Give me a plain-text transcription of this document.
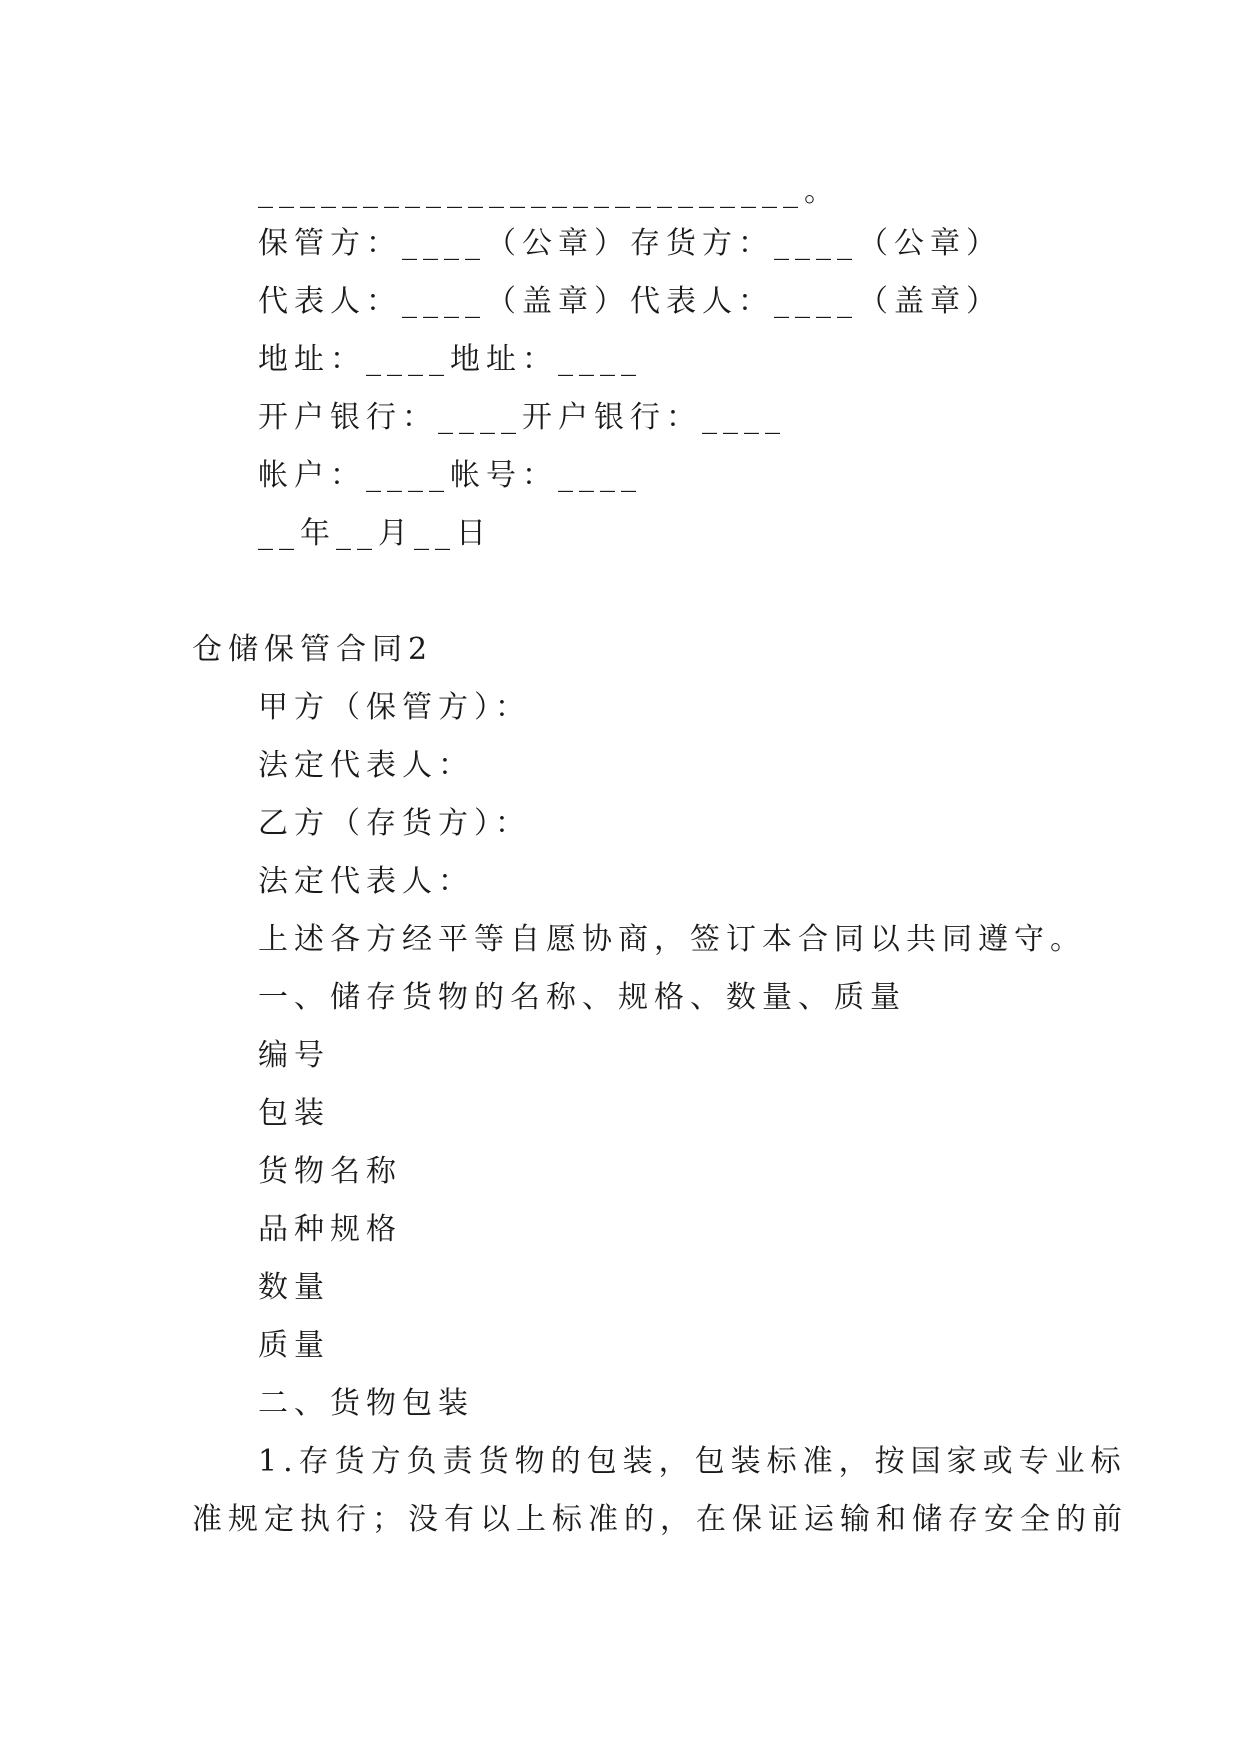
__________________________。
保管方：____（公章）存货方：____（公章）
代表人：____（盖章）代表人：____（盖章）
地址：____地址：____
开户银行：____开户银行：____
帐户：____帐号：____
__年__月__日
仓储保管合同2
甲方（保管方）：
法定代表人：
乙方（存货方）：
法定代表人：
上述各方经平等自愿协商，签订本合同以共同遵守。
一、储存货物的名称、规格、数量、质量
编号
包装
货物名称
品种规格
数量
质量
二、货物包装
1.存货方负责货物的包装，包装标准，按国家或专业标
准规定执行；没有以上标准的，在保证运输和储存安全的前
